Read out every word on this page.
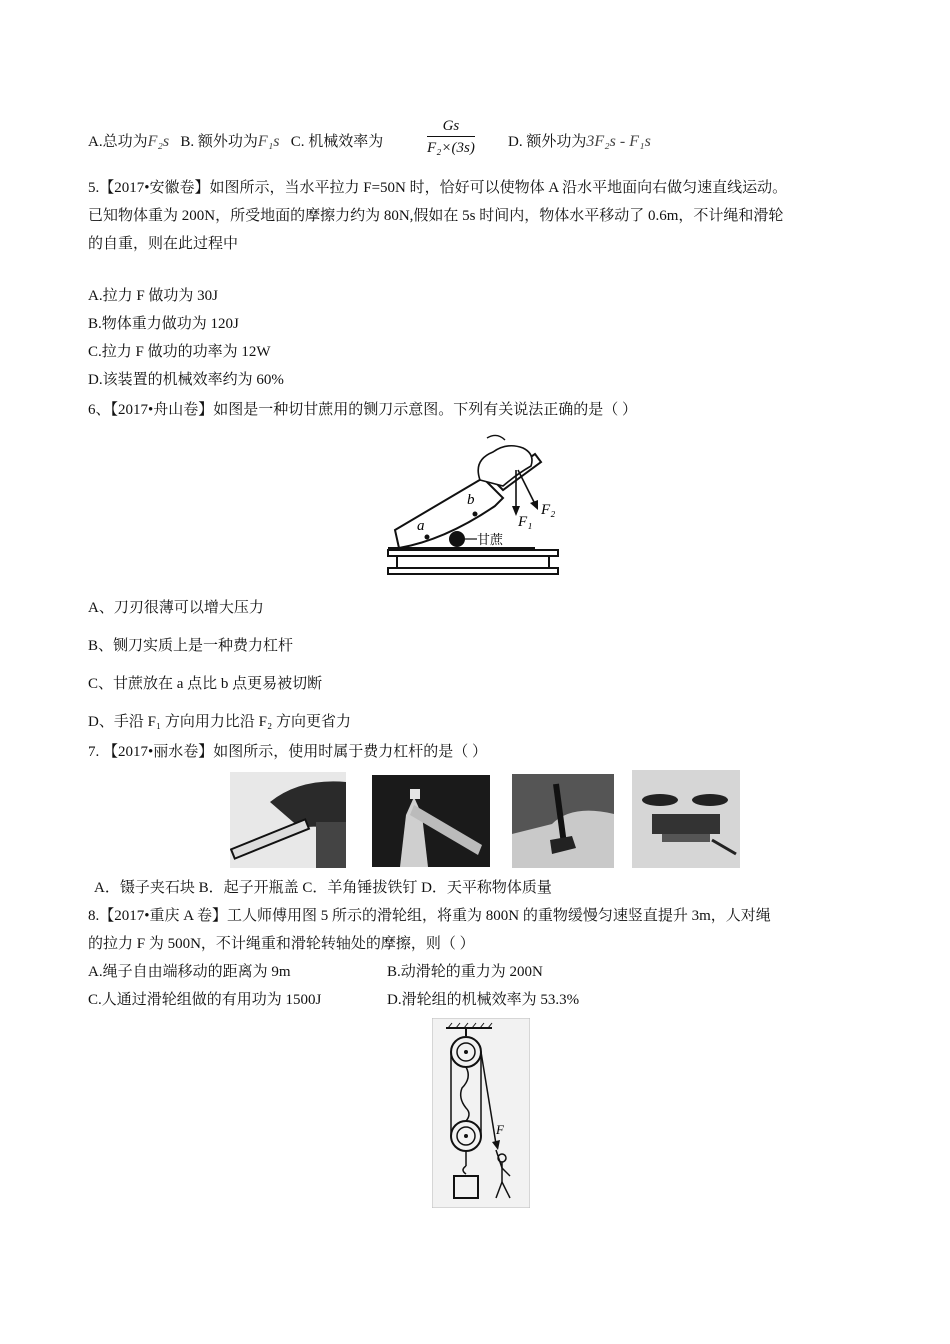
A.总功为F₂s B. 额外功为F₁s C. 机械效率为	$\frac{Gs}{\text{F₂×(3s)}} D$. 额外功为3F₂s - F₁s
5.【2017•安徽卷】如图所示，当水平拉力 F=50N 时，恰好可以使物体 A 沿水平地面向右做匀速直线运动。
已知物体重为 200N，所受地面的摩擦力约为 80N,假如在 5s 时间内，物体水平移动了 0.6m，不计绳和滑轮
的自重，则在此过程中
A.拉力 F 做功为 30J
B.物体重力做功为 120J
C.拉力 F 做功的功率为 12W
D.该装置的机械效率约为 60%
6、【2017•舟山卷】如图是一种切甘蔗用的铡刀示意图。下列有关说法正确的是（ ）
a
b
甘蔗
F₁
F₂
A、刀刃很薄可以增大压力
B、铡刀实质上是一种费力杠杆
C、甘蔗放在 a 点比 b 点更易被切断
D、手沿 F₁ 方向用力比沿 F₂ 方向更省力
7. 【2017•丽水卷】如图所示，使用时属于费力杠杆的是（ ）
A．镊子夹石块 B．起子开瓶盖 C．羊角锤拔铁钉 D．天平称物体质量
8.【2017•重庆 A 卷】工人师傅用图 5 所示的滑轮组，将重为 800N 的重物缓慢匀速竖直提升 3m，人对绳
的拉力 F 为 500N，不计绳重和滑轮转轴处的摩擦，则（ ）
A.绳子自由端移动的距离为 9m	B.动滑轮的重力为 200N
C.人通过滑轮组做的有用功为 1500J	D.滑轮组的机械效率为 53.3%
F
